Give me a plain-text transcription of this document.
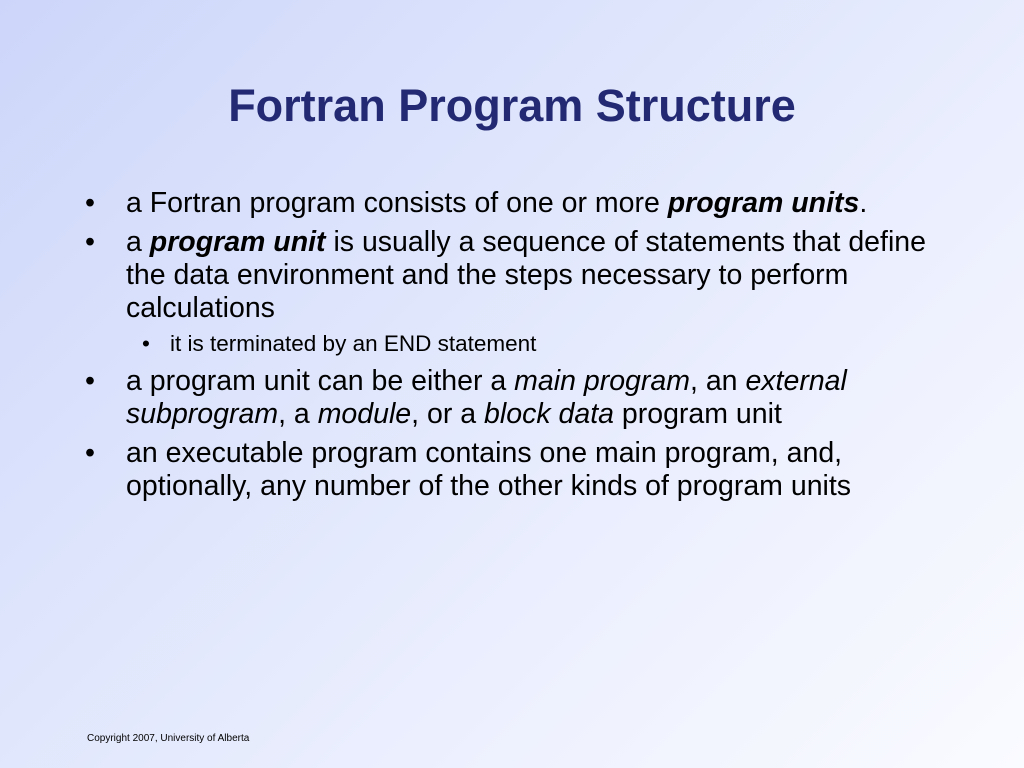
Fortran Program Structure
•	a Fortran program consists of one or more program units.
•	a program unit is usually a sequence of statements that define the data environment and the steps necessary to perform calculations
• it is terminated by an END statement
•	a program unit can be either a main program, an external subprogram, a module, or a block data program unit
•	an executable program contains one main program, and, optionally, any number of the other kinds of program units
Copyright 2007, University of Alberta
